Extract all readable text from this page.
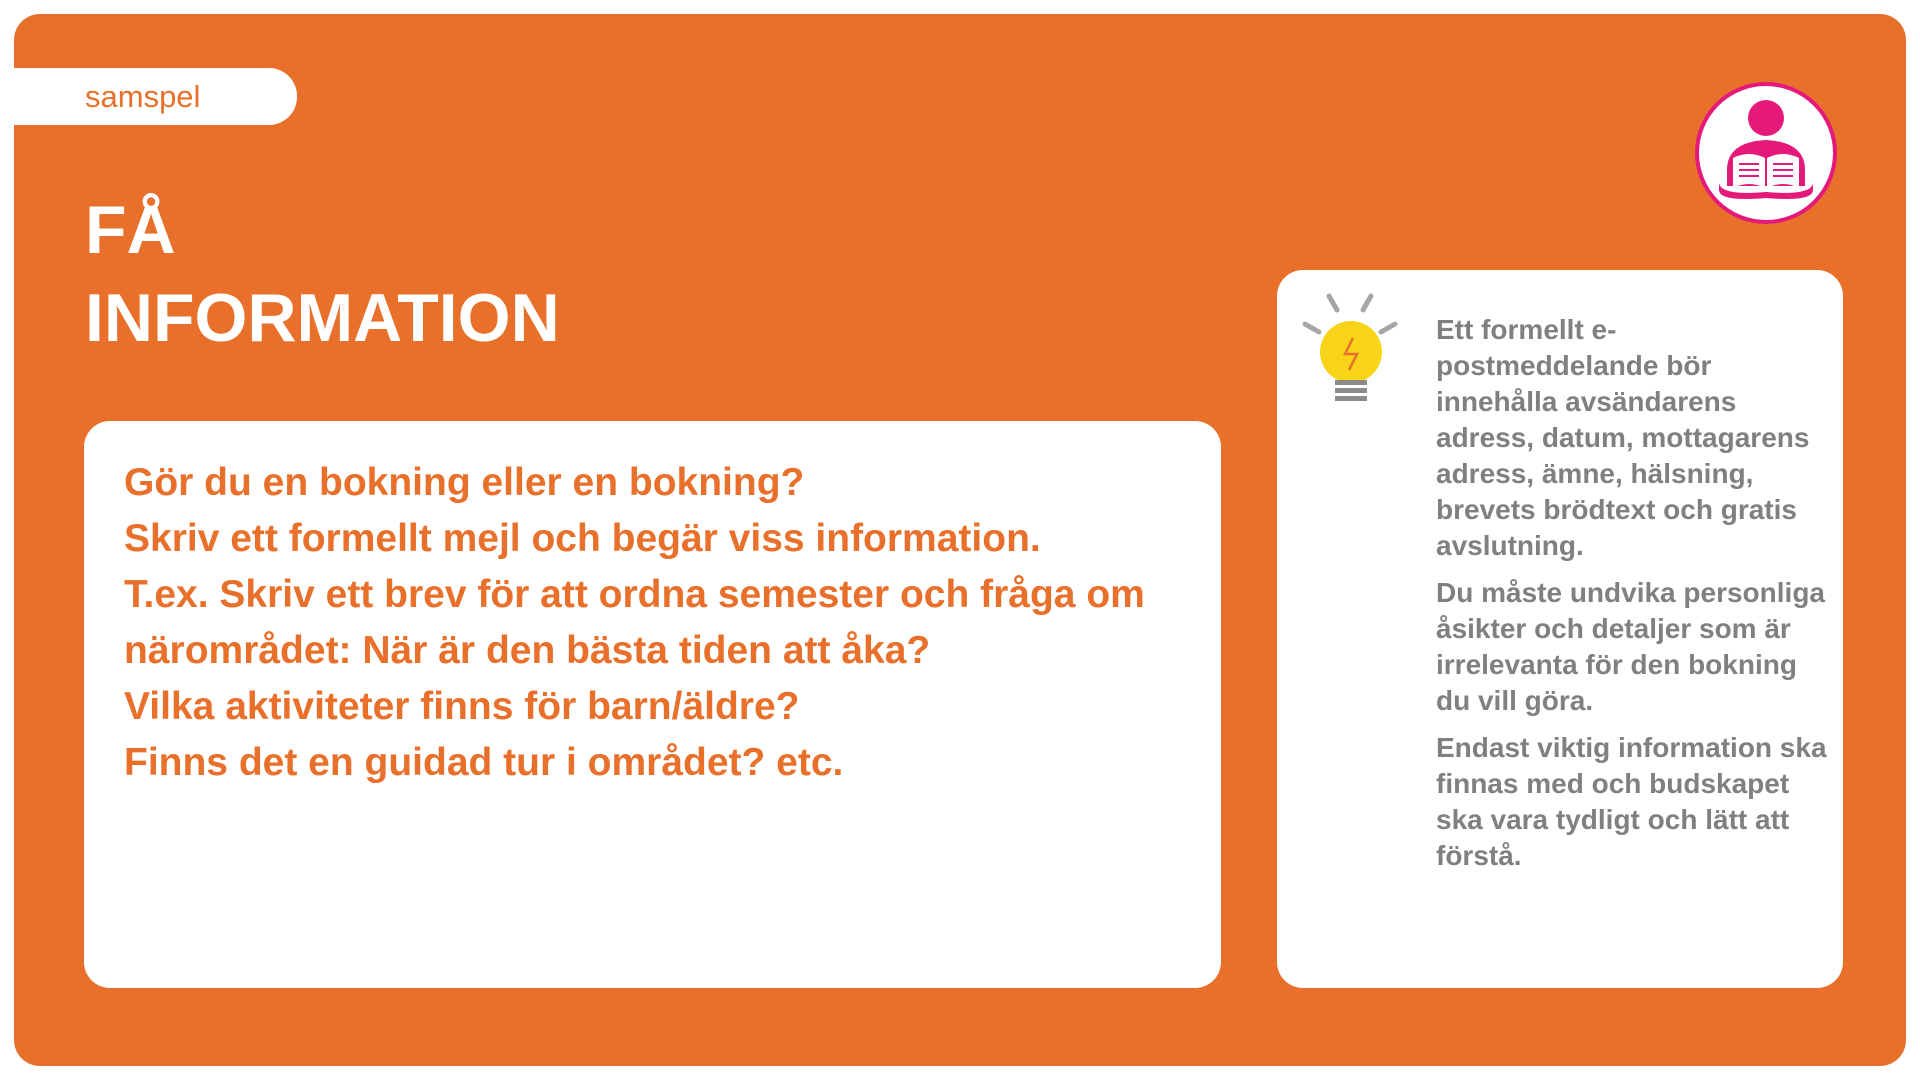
samspel
FÅ
INFORMATION
Gör du en bokning eller en bokning?
Skriv ett formellt mejl och begär viss information.
T.ex. Skriv ett brev för att ordna semester och fråga om närområdet: När är den bästa tiden att åka?
Vilka aktiviteter finns för barn/äldre?
Finns det en guidad tur i området? etc.

Ett formellt e-postmeddelande bör innehålla avsändarens adress, datum, mottagarens adress, ämne, hälsning, brevets brödtext och gratis avslutning.

Du måste undvika personliga åsikter och detaljer som är irrelevanta för den bokning du vill göra.

Endast viktig information ska finnas med och budskapet ska vara tydligt och lätt att förstå.
